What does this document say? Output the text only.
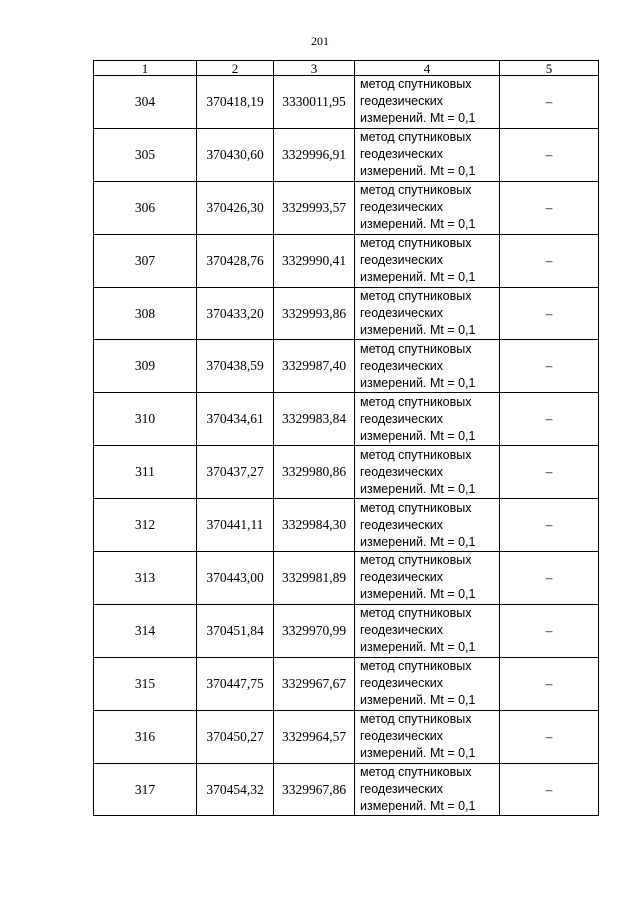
201
1	2	3	4	5
304	370418,19	3330011,95	метод спутниковых
геодезических
измерений. Mt = 0,1	–
305	370430,60	3329996,91	метод спутниковых
геодезических
измерений. Mt = 0,1	–
306	370426,30	3329993,57	метод спутниковых
геодезических
измерений. Mt = 0,1	–
307	370428,76	3329990,41	метод спутниковых
геодезических
измерений. Mt = 0,1	–
308	370433,20	3329993,86	метод спутниковых
геодезических
измерений. Mt = 0,1	–
309	370438,59	3329987,40	метод спутниковых
геодезических
измерений. Mt = 0,1	–
310	370434,61	3329983,84	метод спутниковых
геодезических
измерений. Mt = 0,1	–
311	370437,27	3329980,86	метод спутниковых
геодезических
измерений. Mt = 0,1	–
312	370441,11	3329984,30	метод спутниковых
геодезических
измерений. Mt = 0,1	–
313	370443,00	3329981,89	метод спутниковых
геодезических
измерений. Mt = 0,1	–
314	370451,84	3329970,99	метод спутниковых
геодезических
измерений. Mt = 0,1	–
315	370447,75	3329967,67	метод спутниковых
геодезических
измерений. Mt = 0,1	–
316	370450,27	3329964,57	метод спутниковых
геодезических
измерений. Mt = 0,1	–
317	370454,32	3329967,86	метод спутниковых
геодезических
измерений. Mt = 0,1	–
